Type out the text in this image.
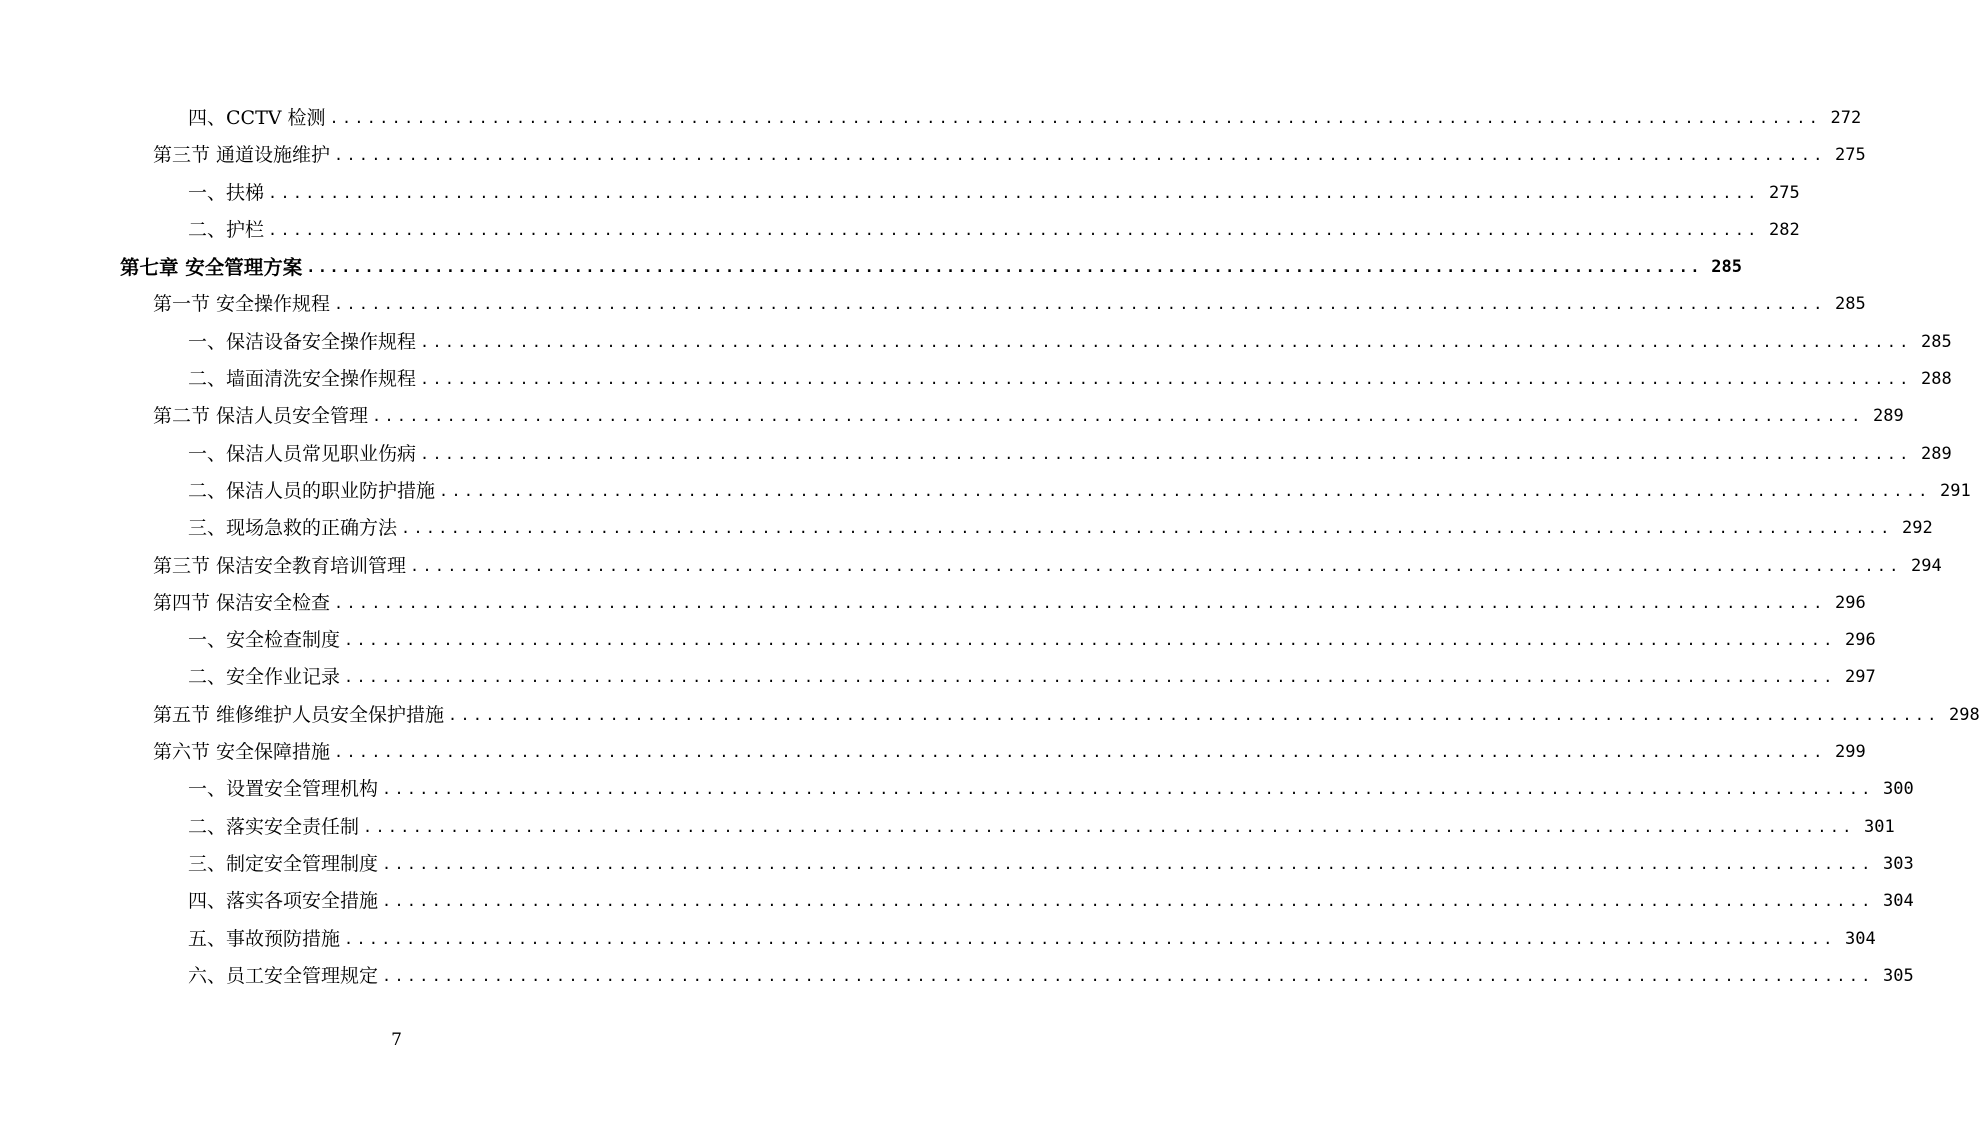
四、CCTV 检测 ........................................................................................................................ 272
第三节 通道设施维护 ........................................................................................................................ 275
一、扶梯 ........................................................................................................................ 275
二、护栏 ........................................................................................................................ 282
第七章 安全管理方案 ........................................................................................................................ 285
第一节 安全操作规程 ........................................................................................................................ 285
一、保洁设备安全操作规程 ........................................................................................................................ 285
二、墙面清洗安全操作规程 ........................................................................................................................ 288
第二节 保洁人员安全管理 ........................................................................................................................ 289
一、保洁人员常见职业伤病 ........................................................................................................................ 289
二、保洁人员的职业防护措施 ........................................................................................................................ 291
三、现场急救的正确方法 ........................................................................................................................ 292
第三节 保洁安全教育培训管理 ........................................................................................................................ 294
第四节 保洁安全检查 ........................................................................................................................ 296
一、安全检查制度 ........................................................................................................................ 296
二、安全作业记录 ........................................................................................................................ 297
第五节 维修维护人员安全保护措施 ........................................................................................................................ 298
第六节 安全保障措施 ........................................................................................................................ 299
一、设置安全管理机构 ........................................................................................................................ 300
二、落实安全责任制 ........................................................................................................................ 301
三、制定安全管理制度 ........................................................................................................................ 303
四、落实各项安全措施 ........................................................................................................................ 304
五、事故预防措施 ........................................................................................................................ 304
六、员工安全管理规定 ........................................................................................................................ 305
7
